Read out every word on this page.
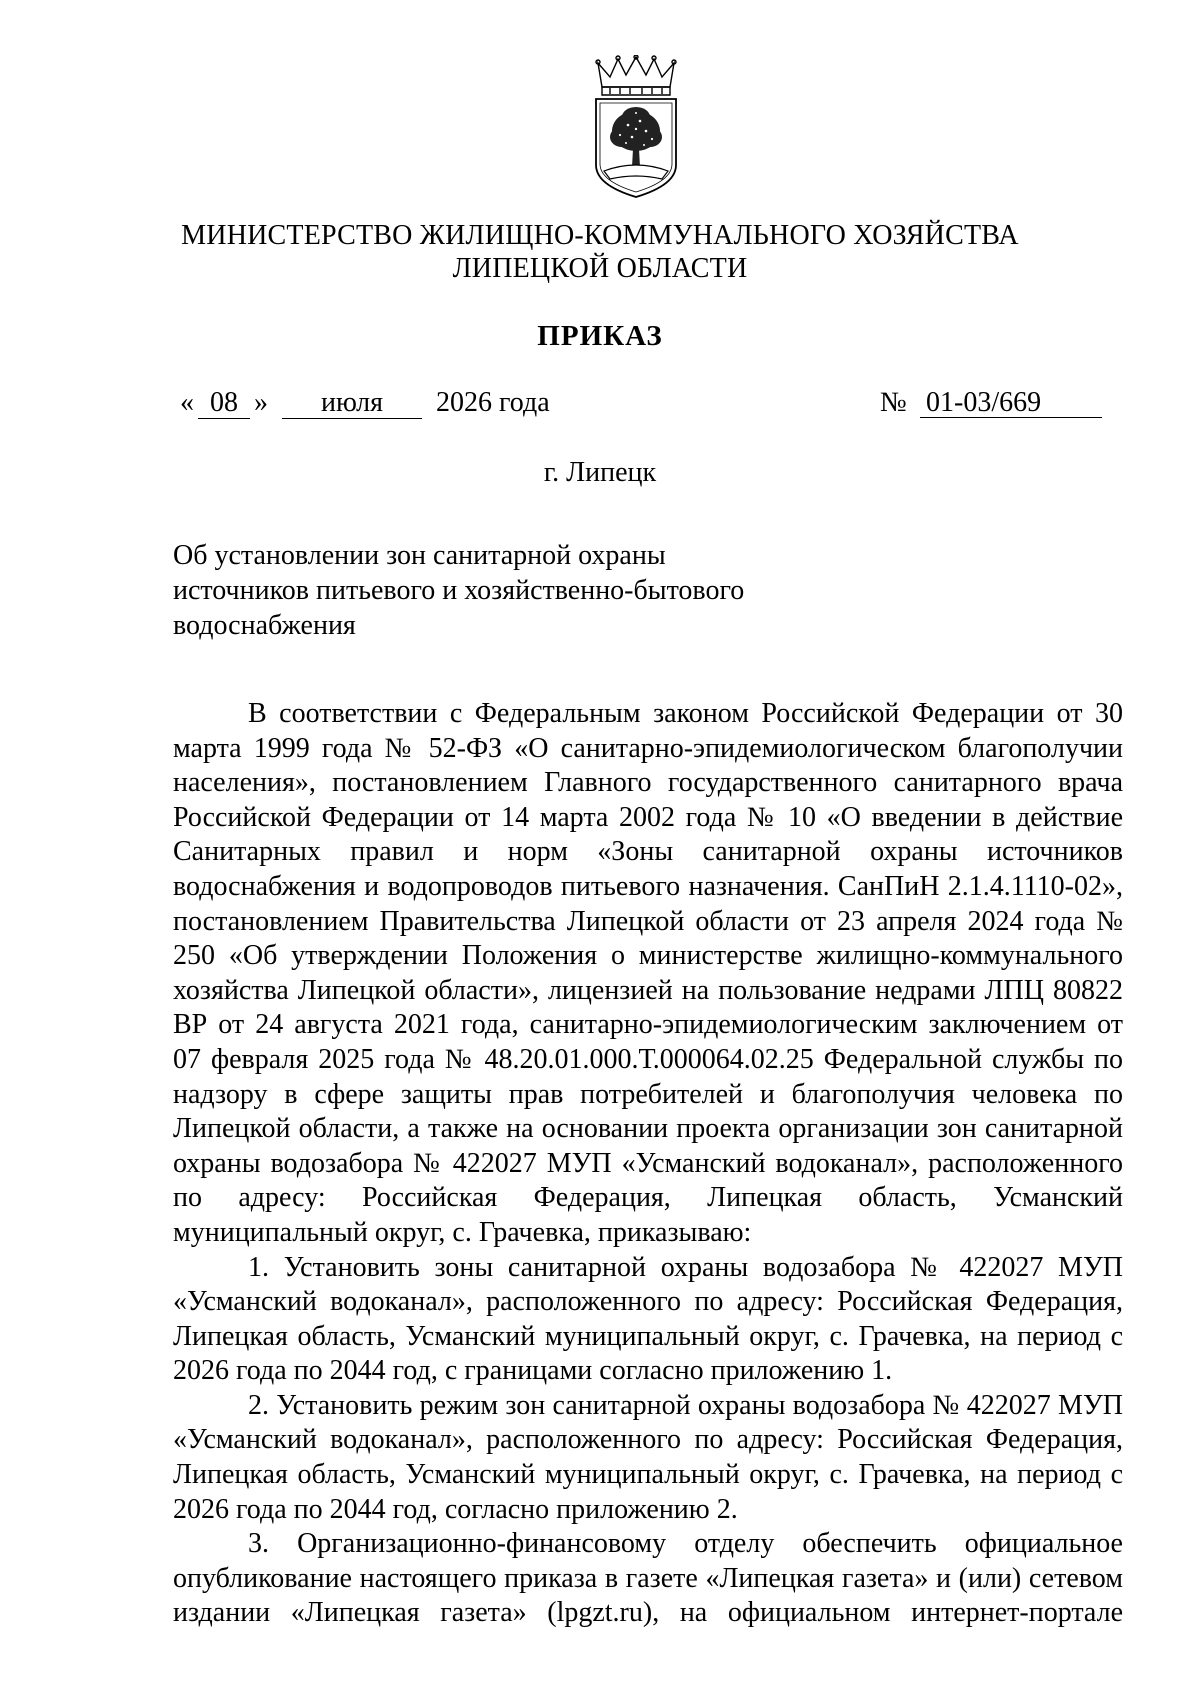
МИНИСТЕРСТВО ЖИЛИЩНО-КОММУНАЛЬНОГО ХОЗЯЙСТВА
ЛИПЕЦКОЙ ОБЛАСТИ
ПРИКАЗ
« 08 »	июля	2026 года	№ 01-03/669
г. Липецк
Об установлении зон санитарной охраны
источников питьевого и хозяйственно-бытового
водоснабжения

В соответствии с Федеральным законом Российской Федерации от 30 марта 1999 года № 52-ФЗ «О санитарно-эпидемиологическом благополучии населения», постановлением Главного государственного санитарного врача Российской Федерации от 14 марта 2002 года № 10 «О введении в действие Санитарных правил и норм «Зоны санитарной охраны источников водоснабжения и водопроводов питьевого назначения. СанПиН 2.1.4.1110-02», постановлением Правительства Липецкой области от 23 апреля 2024 года № 250 «Об утверждении Положения о министерстве жилищно-коммунального хозяйства Липецкой области», лицензией на пользование недрами ЛПЦ 80822 ВР от 24 августа 2021 года, санитарно-эпидемиологическим заключением от 07 февраля 2025 года № 48.20.01.000.Т.000064.02.25 Федеральной службы по надзору в сфере защиты прав потребителей и благополучия человека по Липецкой области, а также на основании проекта организации зон санитарной охраны водозабора № 422027 МУП «Усманский водоканал», расположенного по адресу: Российская Федерация, Липецкая область, Усманский муниципальный округ, с. Грачевка, приказываю:

1. Установить зоны санитарной охраны водозабора № 422027 МУП «Усманский водоканал», расположенного по адресу: Российская Федерация, Липецкая область, Усманский муниципальный округ, с. Грачевка, на период с 2026 года по 2044 год, с границами согласно приложению 1.

2. Установить режим зон санитарной охраны водозабора № 422027 МУП «Усманский водоканал», расположенного по адресу: Российская Федерация, Липецкая область, Усманский муниципальный округ, с. Грачевка, на период с 2026 года по 2044 год, согласно приложению 2.

3. Организационно-финансовому отделу обеспечить официальное опубликование настоящего приказа в газете «Липецкая газета» и (или) сетевом издании «Липецкая газета» (lpgzt.ru), на официальном интернет-портале
